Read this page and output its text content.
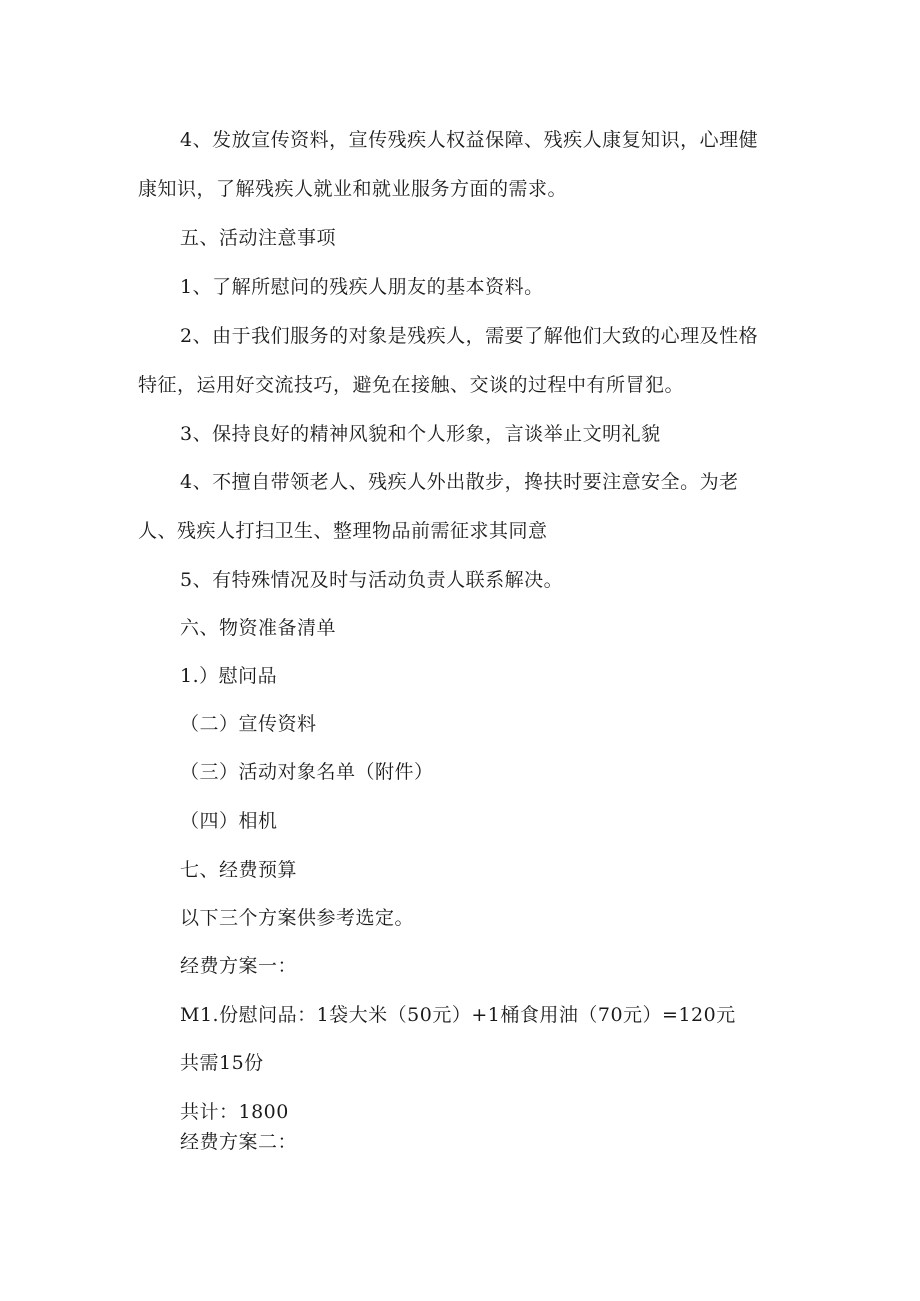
4、发放宣传资料，宣传残疾人权益保障、残疾人康复知识，心理健

康知识，了解残疾人就业和就业服务方面的需求。

五、活动注意事项

1、了解所慰问的残疾人朋友的基本资料。

2、由于我们服务的对象是残疾人，需要了解他们大致的心理及性格

特征，运用好交流技巧，避免在接触、交谈的过程中有所冒犯。

3、保持良好的精神风貌和个人形象，言谈举止文明礼貌

4、不擅自带领老人、残疾人外出散步，搀扶时要注意安全。为老

人、残疾人打扫卫生、整理物品前需征求其同意

5、有特殊情况及时与活动负责人联系解决。

六、物资准备清单

1.）慰问品

（二）宣传资料

（三）活动对象名单（附件）

（四）相机

七、经费预算

以下三个方案供参考选定。

经费方案一：

M1.份慰问品：1袋大米（50元）+1桶食用油（70元）=120元

共需15份

共计：1800

经费方案二：
